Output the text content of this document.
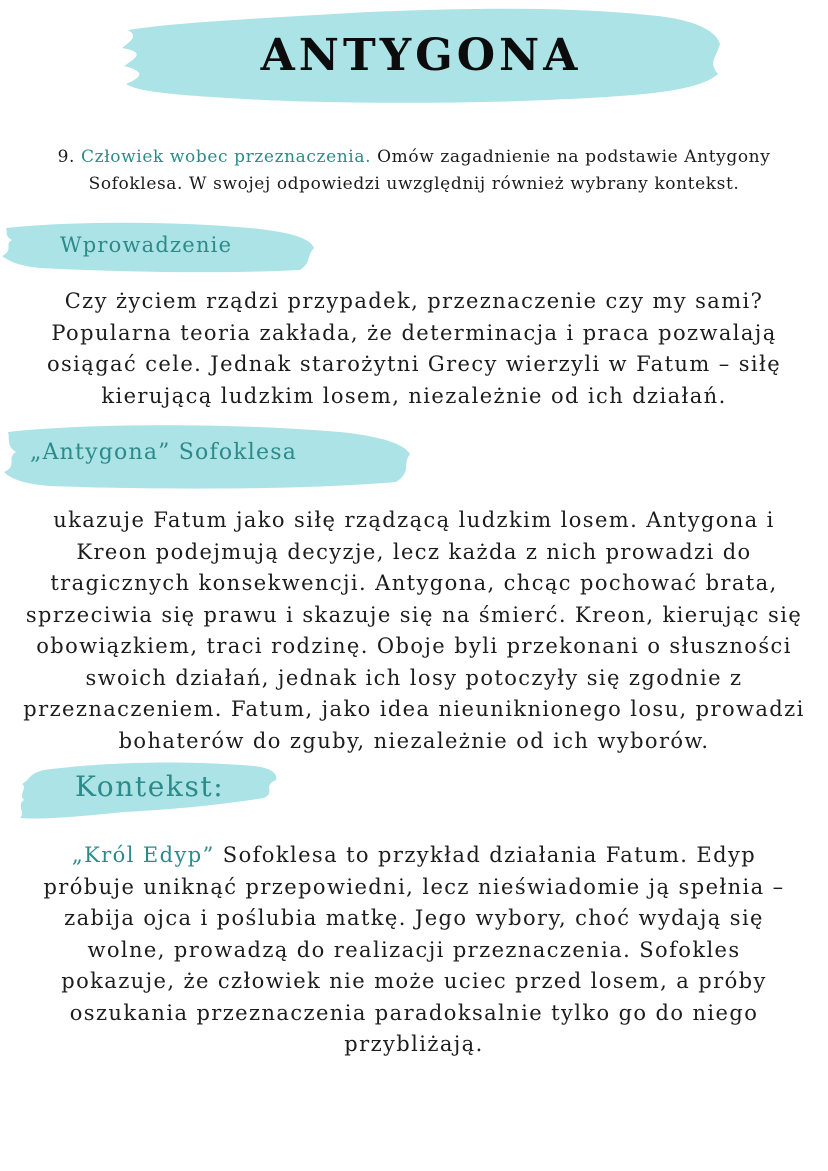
ANTYGONA
9. Człowiek wobec przeznaczenia. Omów zagadnienie na podstawie Antygony
Sofoklesa. W swojej odpowiedzi uwzględnij również wybrany kontekst.
Wprowadzenie
Czy życiem rządzi przypadek, przeznaczenie czy my sami?
Popularna teoria zakłada, że determinacja i praca pozwalają
osiągać cele. Jednak starożytni Grecy wierzyli w Fatum – siłę
kierującą ludzkim losem, niezależnie od ich działań.
„Antygona” Sofoklesa
ukazuje Fatum jako siłę rządzącą ludzkim losem. Antygona i
Kreon podejmują decyzje, lecz każda z nich prowadzi do
tragicznych konsekwencji. Antygona, chcąc pochować brata,
sprzeciwia się prawu i skazuje się na śmierć. Kreon, kierując się
obowiązkiem, traci rodzinę. Oboje byli przekonani o słuszności
swoich działań, jednak ich losy potoczyły się zgodnie z
przeznaczeniem. Fatum, jako idea nieuniknionego losu, prowadzi
bohaterów do zguby, niezależnie od ich wyborów.
Kontekst:
„Król Edyp” Sofoklesa to przykład działania Fatum. Edyp
próbuje uniknąć przepowiedni, lecz nieświadomie ją spełnia –
zabija ojca i poślubia matkę. Jego wybory, choć wydają się
wolne, prowadzą do realizacji przeznaczenia. Sofokles
pokazuje, że człowiek nie może uciec przed losem, a próby
oszukania przeznaczenia paradoksalnie tylko go do niego
przybliżają.
